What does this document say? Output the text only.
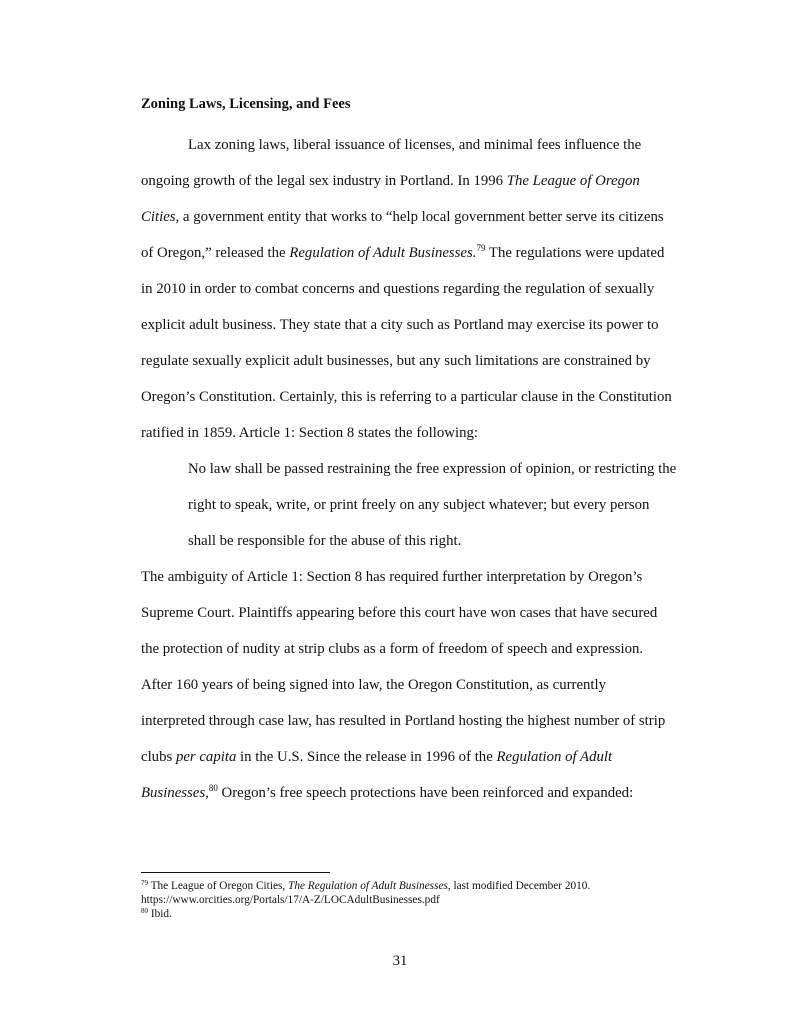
Zoning Laws, Licensing, and Fees
Lax zoning laws, liberal issuance of licenses, and minimal fees influence the
ongoing growth of the legal sex industry in Portland. In 1996 The League of Oregon
Cities, a government entity that works to “help local government better serve its citizens
of Oregon,” released the Regulation of Adult Businesses.$^{79}$ The regulations were updated
in 2010 in order to combat concerns and questions regarding the regulation of sexually
explicit adult business. They state that a city such as Portland may exercise its power to
regulate sexually explicit adult businesses, but any such limitations are constrained by
Oregon’s Constitution. Certainly, this is referring to a particular clause in the Constitution
ratified in 1859. Article 1: Section 8 states the following:
No law shall be passed restraining the free expression of opinion, or restricting the
right to speak, write, or print freely on any subject whatever; but every person
shall be responsible for the abuse of this right.
The ambiguity of Article 1: Section 8 has required further interpretation by Oregon’s
Supreme Court. Plaintiffs appearing before this court have won cases that have secured
the protection of nudity at strip clubs as a form of freedom of speech and expression.
After 160 years of being signed into law, the Oregon Constitution, as currently
interpreted through case law, has resulted in Portland hosting the highest number of strip
clubs per capita in the U.S. Since the release in 1996 of the Regulation of Adult
Businesses,$^{80}$ Oregon’s free speech protections have been reinforced and expanded:
$^{79}$ The League of Oregon Cities, The Regulation of Adult Businesses, last modified December 2010.
https://www.orcities.org/Portals/17/A-Z/LOCAdultBusinesses.pdf
$^{80}$ Ibid.
31
